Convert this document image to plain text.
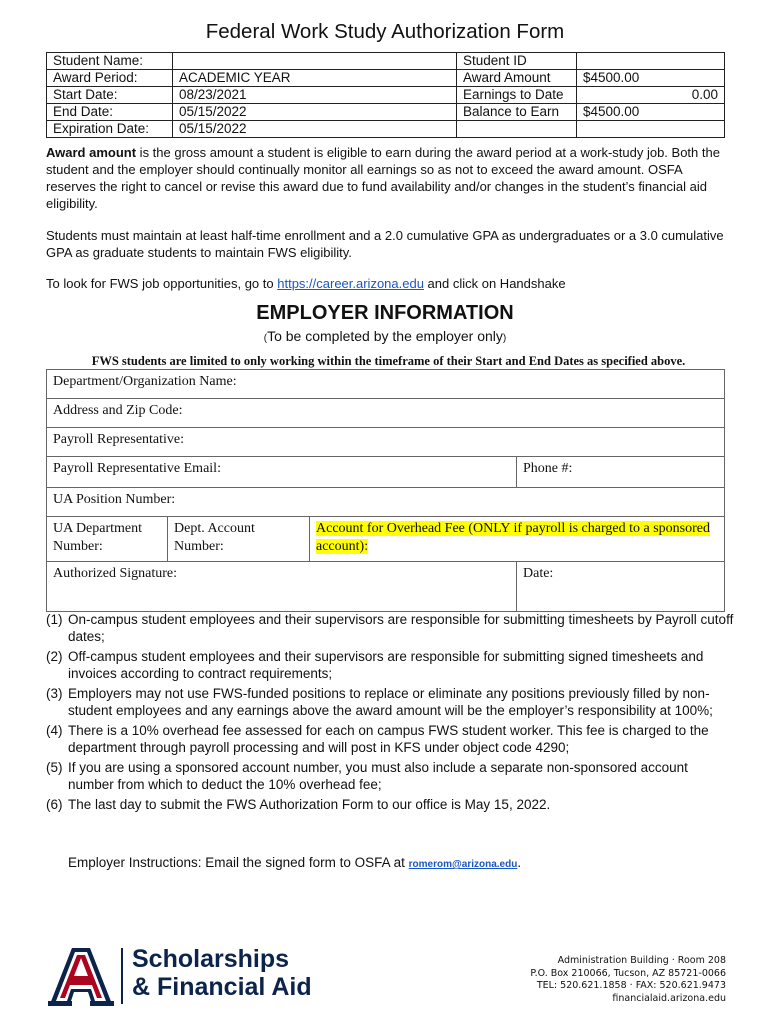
Federal Work Study Authorization Form
Student Name:		Student ID	
Award Period:	ACADEMIC YEAR	Award Amount	$4500.00
Start Date:	08/23/2021	Earnings to Date	0.00
End Date:	05/15/2022	Balance to Earn	$4500.00
Expiration Date:	05/15/2022		
Award amount is the gross amount a student is eligible to earn during the award period at a work-study job. Both the student and the employer should continually monitor all earnings so as not to exceed the award amount. OSFA reserves the right to cancel or revise this award due to fund availability and/or changes in the student’s financial aid eligibility.
Students must maintain at least half-time enrollment and a 2.0 cumulative GPA as undergraduates or a 3.0 cumulative GPA as graduate students to maintain FWS eligibility.
To look for FWS job opportunities, go to https://career.arizona.edu and click on Handshake
EMPLOYER INFORMATION
(To be completed by the employer only)
FWS students are limited to only working within the timeframe of their Start and End Dates as specified above.
Department/Organization Name:			
Address and Zip Code:			
Payroll Representative:			
Payroll Representative Email:			Phone #:
UA Position Number:			
UA Department Number:	Dept. Account Number:	Account for Overhead Fee (ONLY if payroll is charged to a sponsored account):	
Authorized Signature:			Date:
(1) On-campus student employees and their supervisors are responsible for submitting timesheets by Payroll cutoff dates;
(2) Off-campus student employees and their supervisors are responsible for submitting signed timesheets and invoices according to contract requirements;
(3) Employers may not use FWS-funded positions to replace or eliminate any positions previously filled by non-student employees and any earnings above the award amount will be the employer’s responsibility at 100%;
(4) There is a 10% overhead fee assessed for each on campus FWS student worker. This fee is charged to the department through payroll processing and will post in KFS under object code 4290;
(5) If you are using a sponsored account number, you must also include a separate non-sponsored account number from which to deduct the 10% overhead fee;
(6) The last day to submit the FWS Authorization Form to our office is May 15, 2022.
Employer Instructions: Email the signed form to OSFA at romerom@arizona.edu.
Scholarships
& Financial Aid
Administration Building · Room 208
P.O. Box 210066, Tucson, AZ 85721-0066
TEL: 520.621.1858 · FAX: 520.621.9473
financialaid.arizona.edu
